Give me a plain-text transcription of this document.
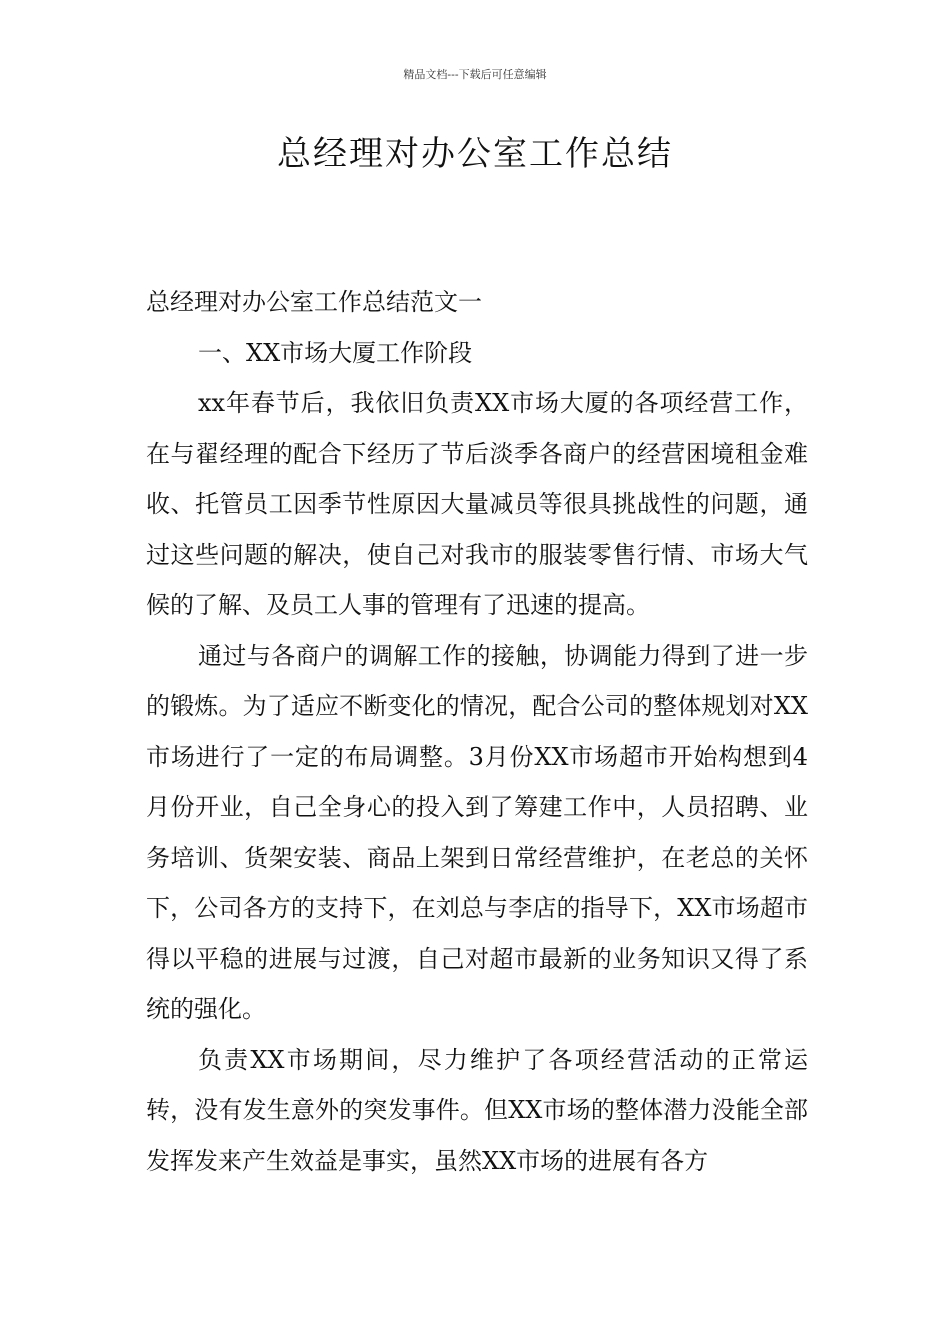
精品文档---下载后可任意编辑
总经理对办公室工作总结

总经理对办公室工作总结范文一

一、XX市场大厦工作阶段

xx年春节后，我依旧负责XX市场大厦的各项经营工作，在与翟经理的配合下经历了节后淡季各商户的经营困境租金难收、托管员工因季节性原因大量减员等很具挑战性的问题，通过这些问题的解决，使自己对我市的服装零售行情、市场大气候的了解、及员工人事的管理有了迅速的提高。

通过与各商户的调解工作的接触，协调能力得到了进一步的锻炼。为了适应不断变化的情况，配合公司的整体规划对XX市场进行了一定的布局调整。3月份XX市场超市开始构想到4月份开业，自己全身心的投入到了筹建工作中，人员招聘、业务培训、货架安装、商品上架到日常经营维护，在老总的关怀下，公司各方的支持下，在刘总与李店的指导下，XX市场超市得以平稳的进展与过渡，自己对超市最新的业务知识又得了系统的强化。

负责XX市场期间，尽力维护了各项经营活动的正常运转，没有发生意外的突发事件。但XX市场的整体潜力没能全部发挥发来产生效益是事实，虽然XX市场的进展有各方
